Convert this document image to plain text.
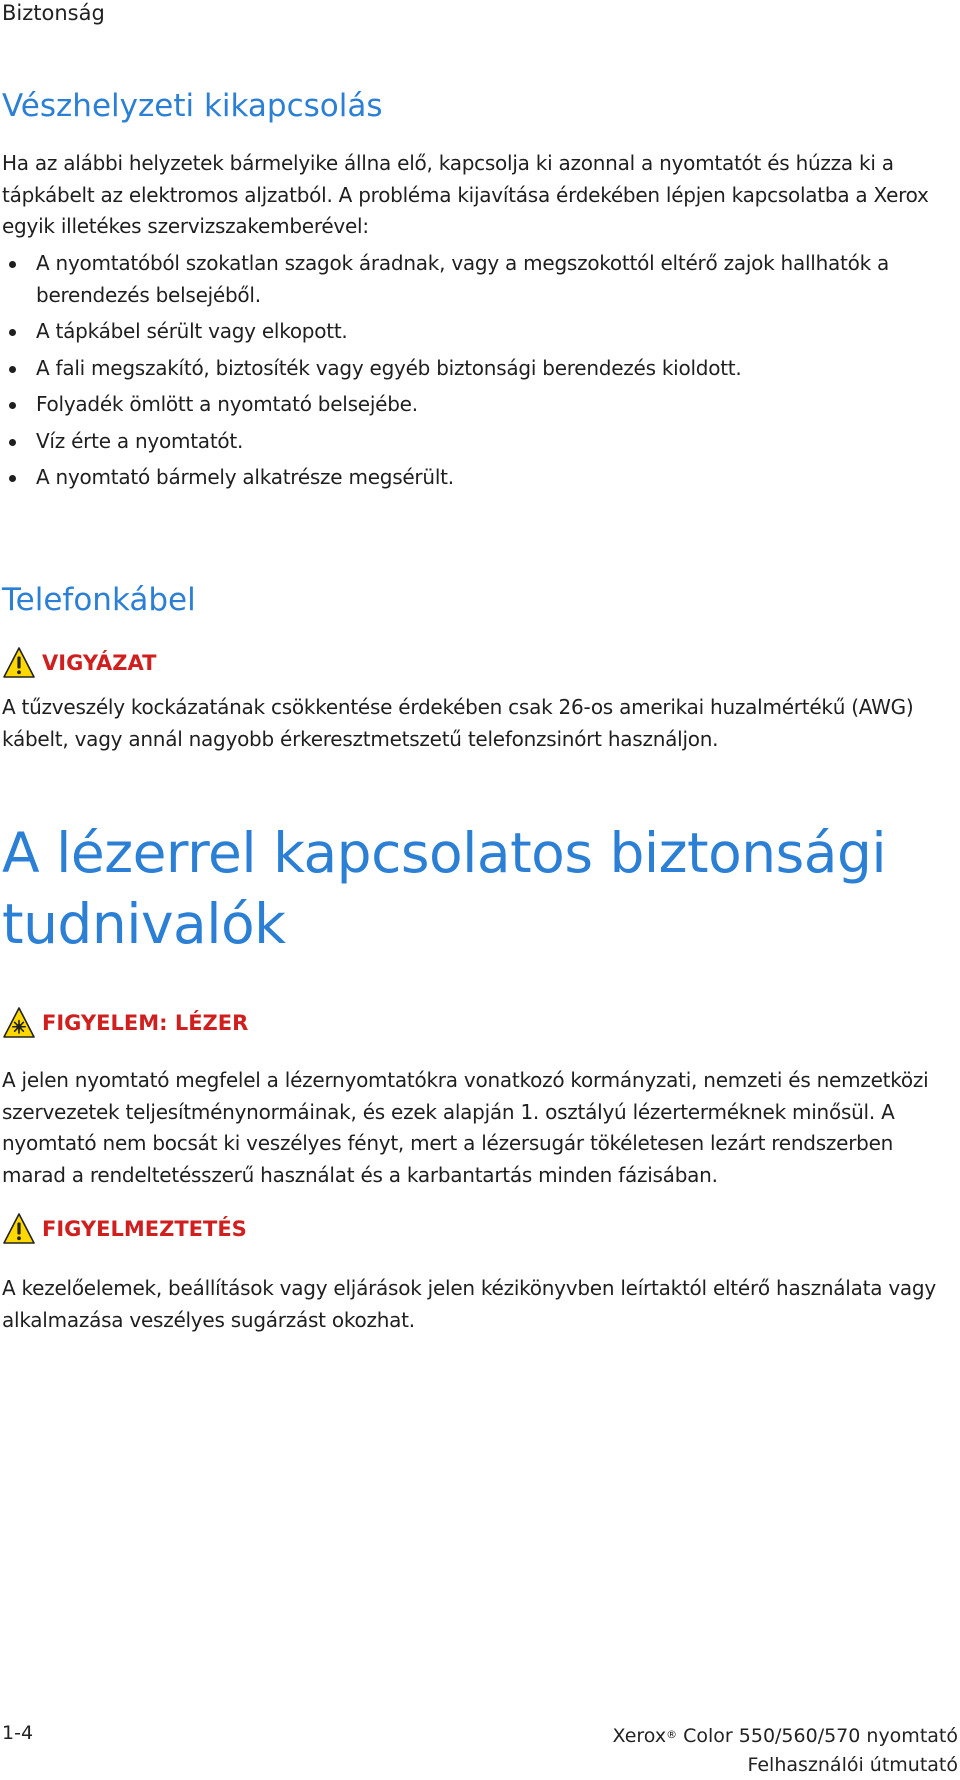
Biztonság
Vészhelyzeti kikapcsolás

Ha az alábbi helyzetek bármelyike állna elő, kapcsolja ki azonnal a nyomtatót és húzza ki a tápkábelt az elektromos aljzatból. A probléma kijavítása érdekében lépjen kapcsolatba a Xerox egyik illetékes szervizszakemberével:

A nyomtatóból szokatlan szagok áradnak, vagy a megszokottól eltérő zajok hallhatók a berendezés belsejéből.
A tápkábel sérült vagy elkopott.
A fali megszakító, biztosíték vagy egyéb biztonsági berendezés kioldott.
Folyadék ömlött a nyomtató belsejébe.
Víz érte a nyomtatót.
A nyomtató bármely alkatrésze megsérült.
Telefonkábel
VIGYÁZAT

A tűzveszély kockázatának csökkentése érdekében csak 26-os amerikai huzalmértékű (AWG) kábelt, vagy annál nagyobb érkeresztmetszetű telefonzsinórt használjon.

A lézerrel kapcsolatos biztonsági tudnivalók
FIGYELEM: LÉZER

A jelen nyomtató megfelel a lézernyomtatókra vonatkozó kormányzati, nemzeti és nemzetközi szervezetek teljesítménynormáinak, és ezek alapján 1. osztályú lézerterméknek minősül. A nyomtató nem bocsát ki veszélyes fényt, mert a lézersugár tökéletesen lezárt rendszerben marad a rendeltetésszerű használat és a karbantartás minden fázisában.

FIGYELMEZTETÉS

A kezelőelemek, beállítások vagy eljárások jelen kézikönyvben leírtaktól eltérő használata vagy alkalmazása veszélyes sugárzást okozhat.

1-4	Xerox® Color 550/560/570 nyomtató
Felhasználói útmutató
